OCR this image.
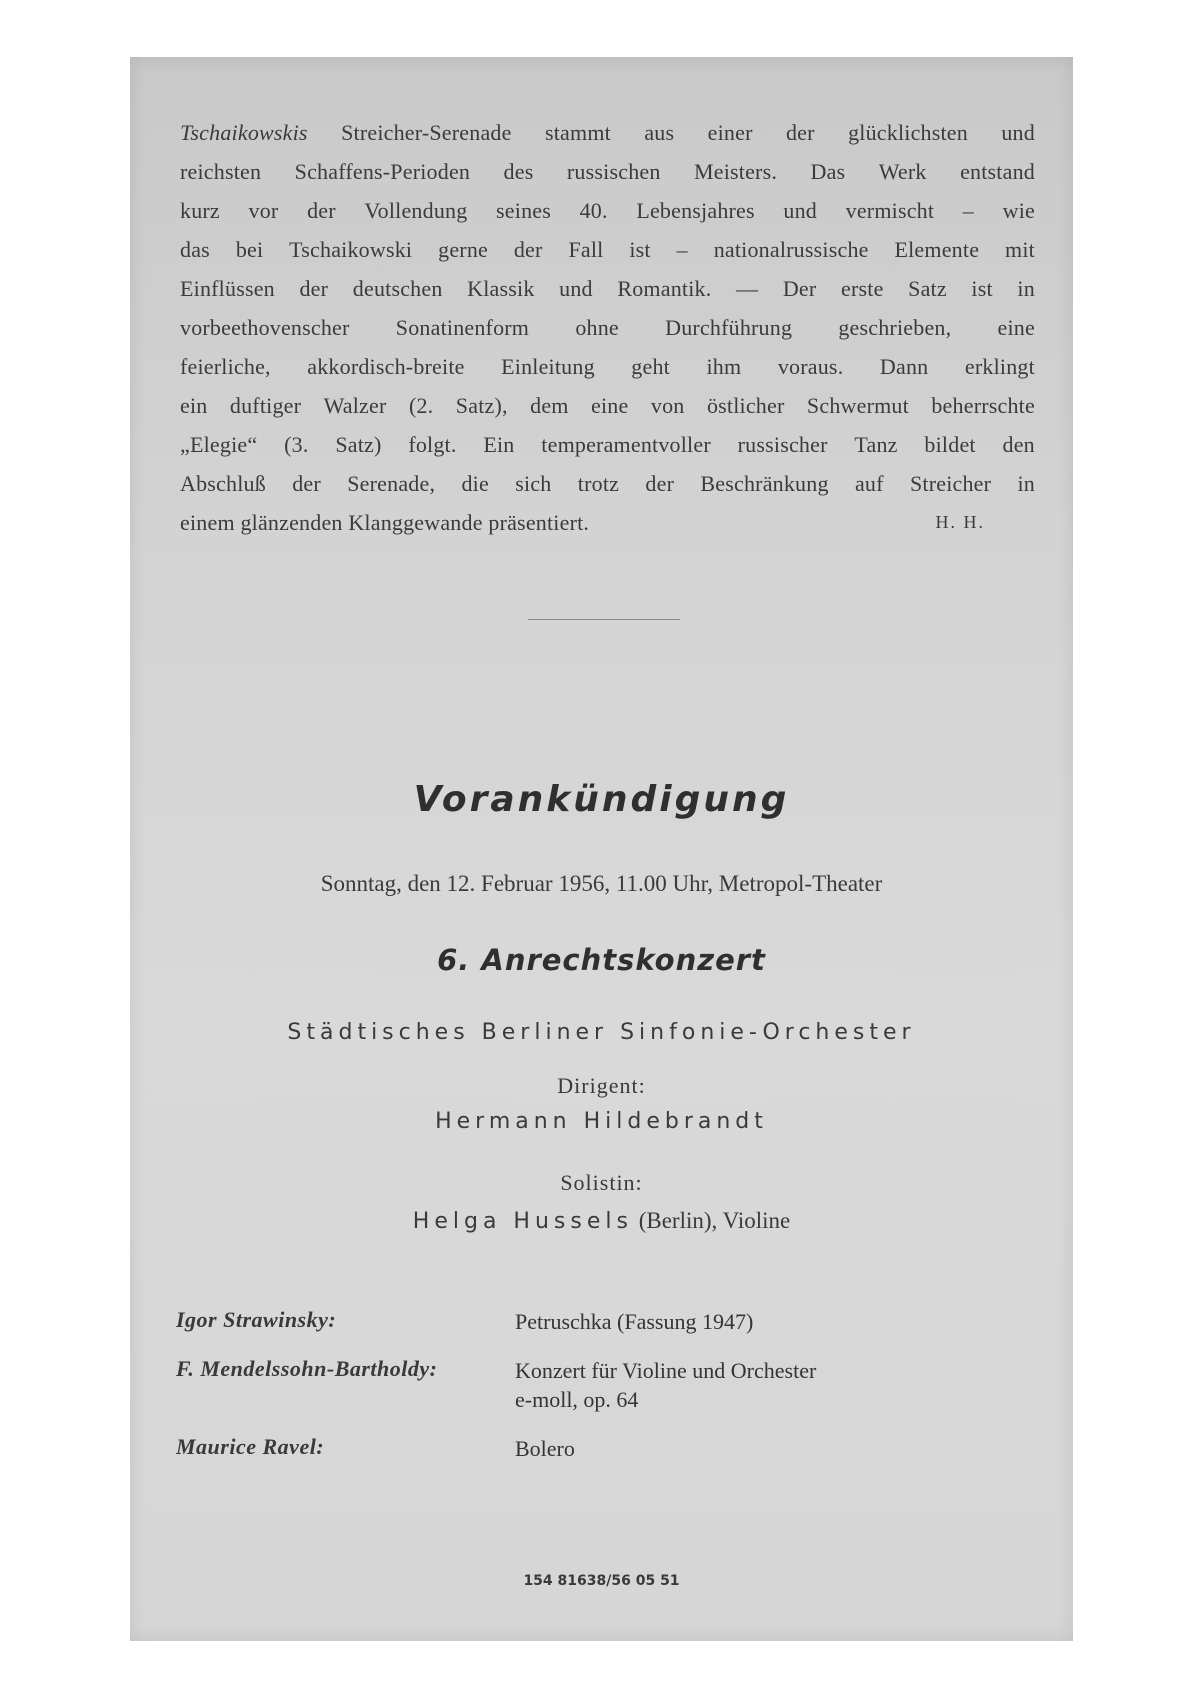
Tschaikowskis Streicher-Serenade stammt aus einer der glücklichsten und
reichsten Schaffens-Perioden des russischen Meisters. Das Werk entstand
kurz vor der Vollendung seines 40. Lebensjahres und vermischt – wie
das bei Tschaikowski gerne der Fall ist – nationalrussische Elemente mit
Einflüssen der deutschen Klassik und Romantik. — Der erste Satz ist in
vorbeethovenscher Sonatinenform ohne Durchführung geschrieben, eine
feierliche, akkordisch-breite Einleitung geht ihm voraus. Dann erklingt
ein duftiger Walzer (2. Satz), dem eine von östlicher Schwermut beherrschte
„Elegie“ (3. Satz) folgt. Ein temperamentvoller russischer Tanz bildet den
Abschluß der Serenade, die sich trotz der Beschränkung auf Streicher in
einem glänzenden Klanggewande präsentiert.	H. H.
Vorankündigung
Sonntag, den 12. Februar 1956, 11.00 Uhr, Metropol-Theater
6. Anrechtskonzert
Städtisches Berliner Sinfonie-Orchester
Dirigent:
Hermann Hildebrandt
Solistin:
Helga Hussels (Berlin), Violine
Igor Strawinsky:	Petruschka (Fassung 1947)
F. Mendelssohn-Bartholdy:	Konzert für Violine und Orchester
e-moll, op. 64
Maurice Ravel:	Bolero
154 81638/56 05 51
